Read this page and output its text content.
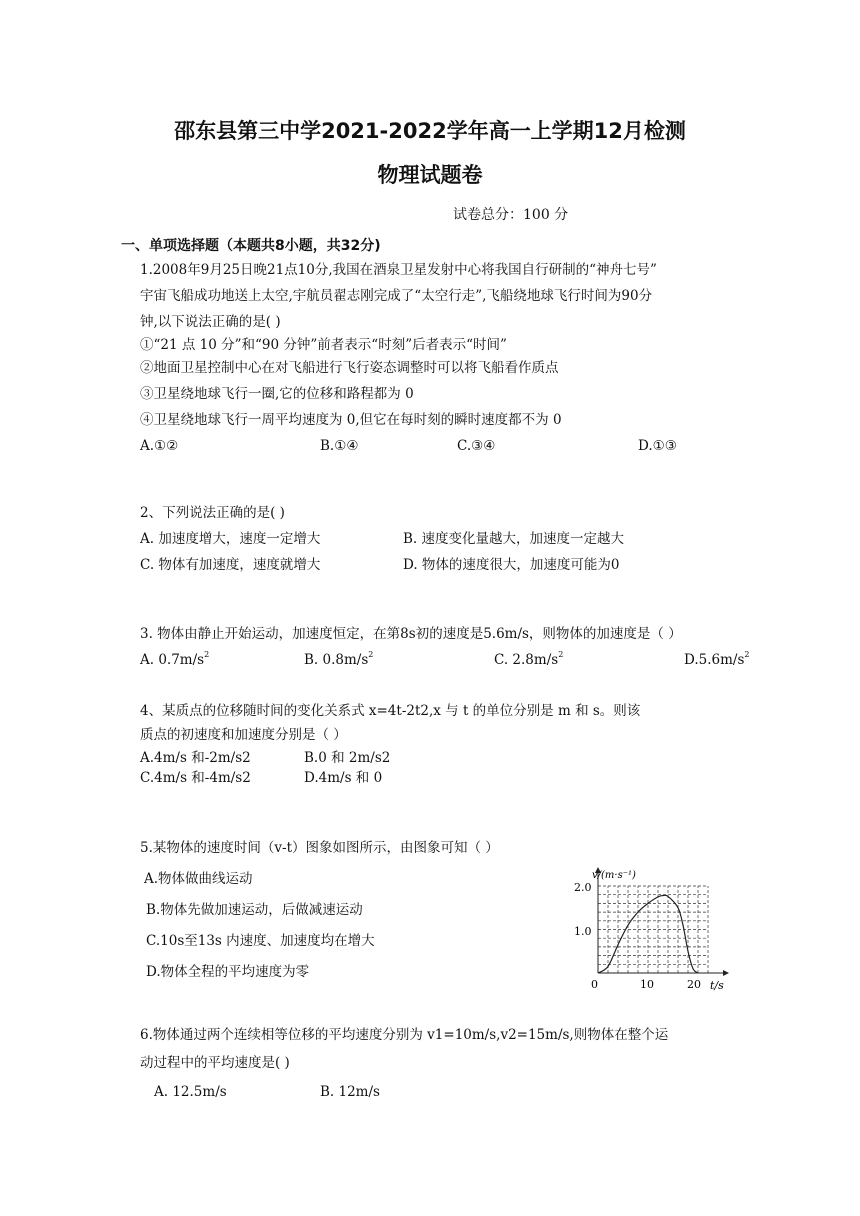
邵东县第三中学2021-2022学年高一上学期12月检测
物理试题卷
试卷总分：100 分
一、单项选择题（本题共8小题，共32分)
1.2008年9月25日晚21点10分,我国在酒泉卫星发射中心将我国自行研制的“神舟七号”
宇宙飞船成功地送上太空,宇航员翟志刚完成了“太空行走”,飞船绕地球飞行时间为90分
钟,以下说法正确的是( )
①“21 点 10 分”和“90 分钟”前者表示“时刻”后者表示“时间”
②地面卫星控制中心在对飞船进行飞行姿态调整时可以将飞船看作质点
③卫星绕地球飞行一圈,它的位移和路程都为 0
④卫星绕地球飞行一周平均速度为 0,但它在每时刻的瞬时速度都不为 0
A.①②	B.①④	C.③④	D.①③
2、下列说法正确的是( )
A. 加速度增大，速度一定增大	B. 速度变化量越大，加速度一定越大
C. 物体有加速度，速度就增大	D. 物体的速度很大，加速度可能为0
3. 物体由静止开始运动，加速度恒定，在第8s初的速度是5.6m/s，则物体的加速度是（ ）
A. $0.7m/s^2$	B. $0.8m/s^2$	C. $2.8m/s^2$	$D.5.6m/s^2$
4、某质点的位移随时间的变化关系式 x=4t-2t2,x 与 t 的单位分别是 m 和 s。则该
质点的初速度和加速度分别是（ ）
A.4m/s 和-2m/s2	B.0 和 2m/s2
C.4m/s 和-4m/s2	D.4m/s 和 0
5.某物体的速度时间（v-t）图象如图所示，由图象可知（ ）
A.物体做曲线运动
B.物体先做加速运动，后做减速运动
C.10s至13s 内速度、加速度均在增大
D.物体全程的平均速度为零
v/(m·s⁻¹)
t/s
2.0
1.0
0	10	20
6.物体通过两个连续相等位移的平均速度分别为 v1=10m/s,v2=15m/s,则物体在整个运
动过程中的平均速度是( )
A. 12.5m/s	B. 12m/s
